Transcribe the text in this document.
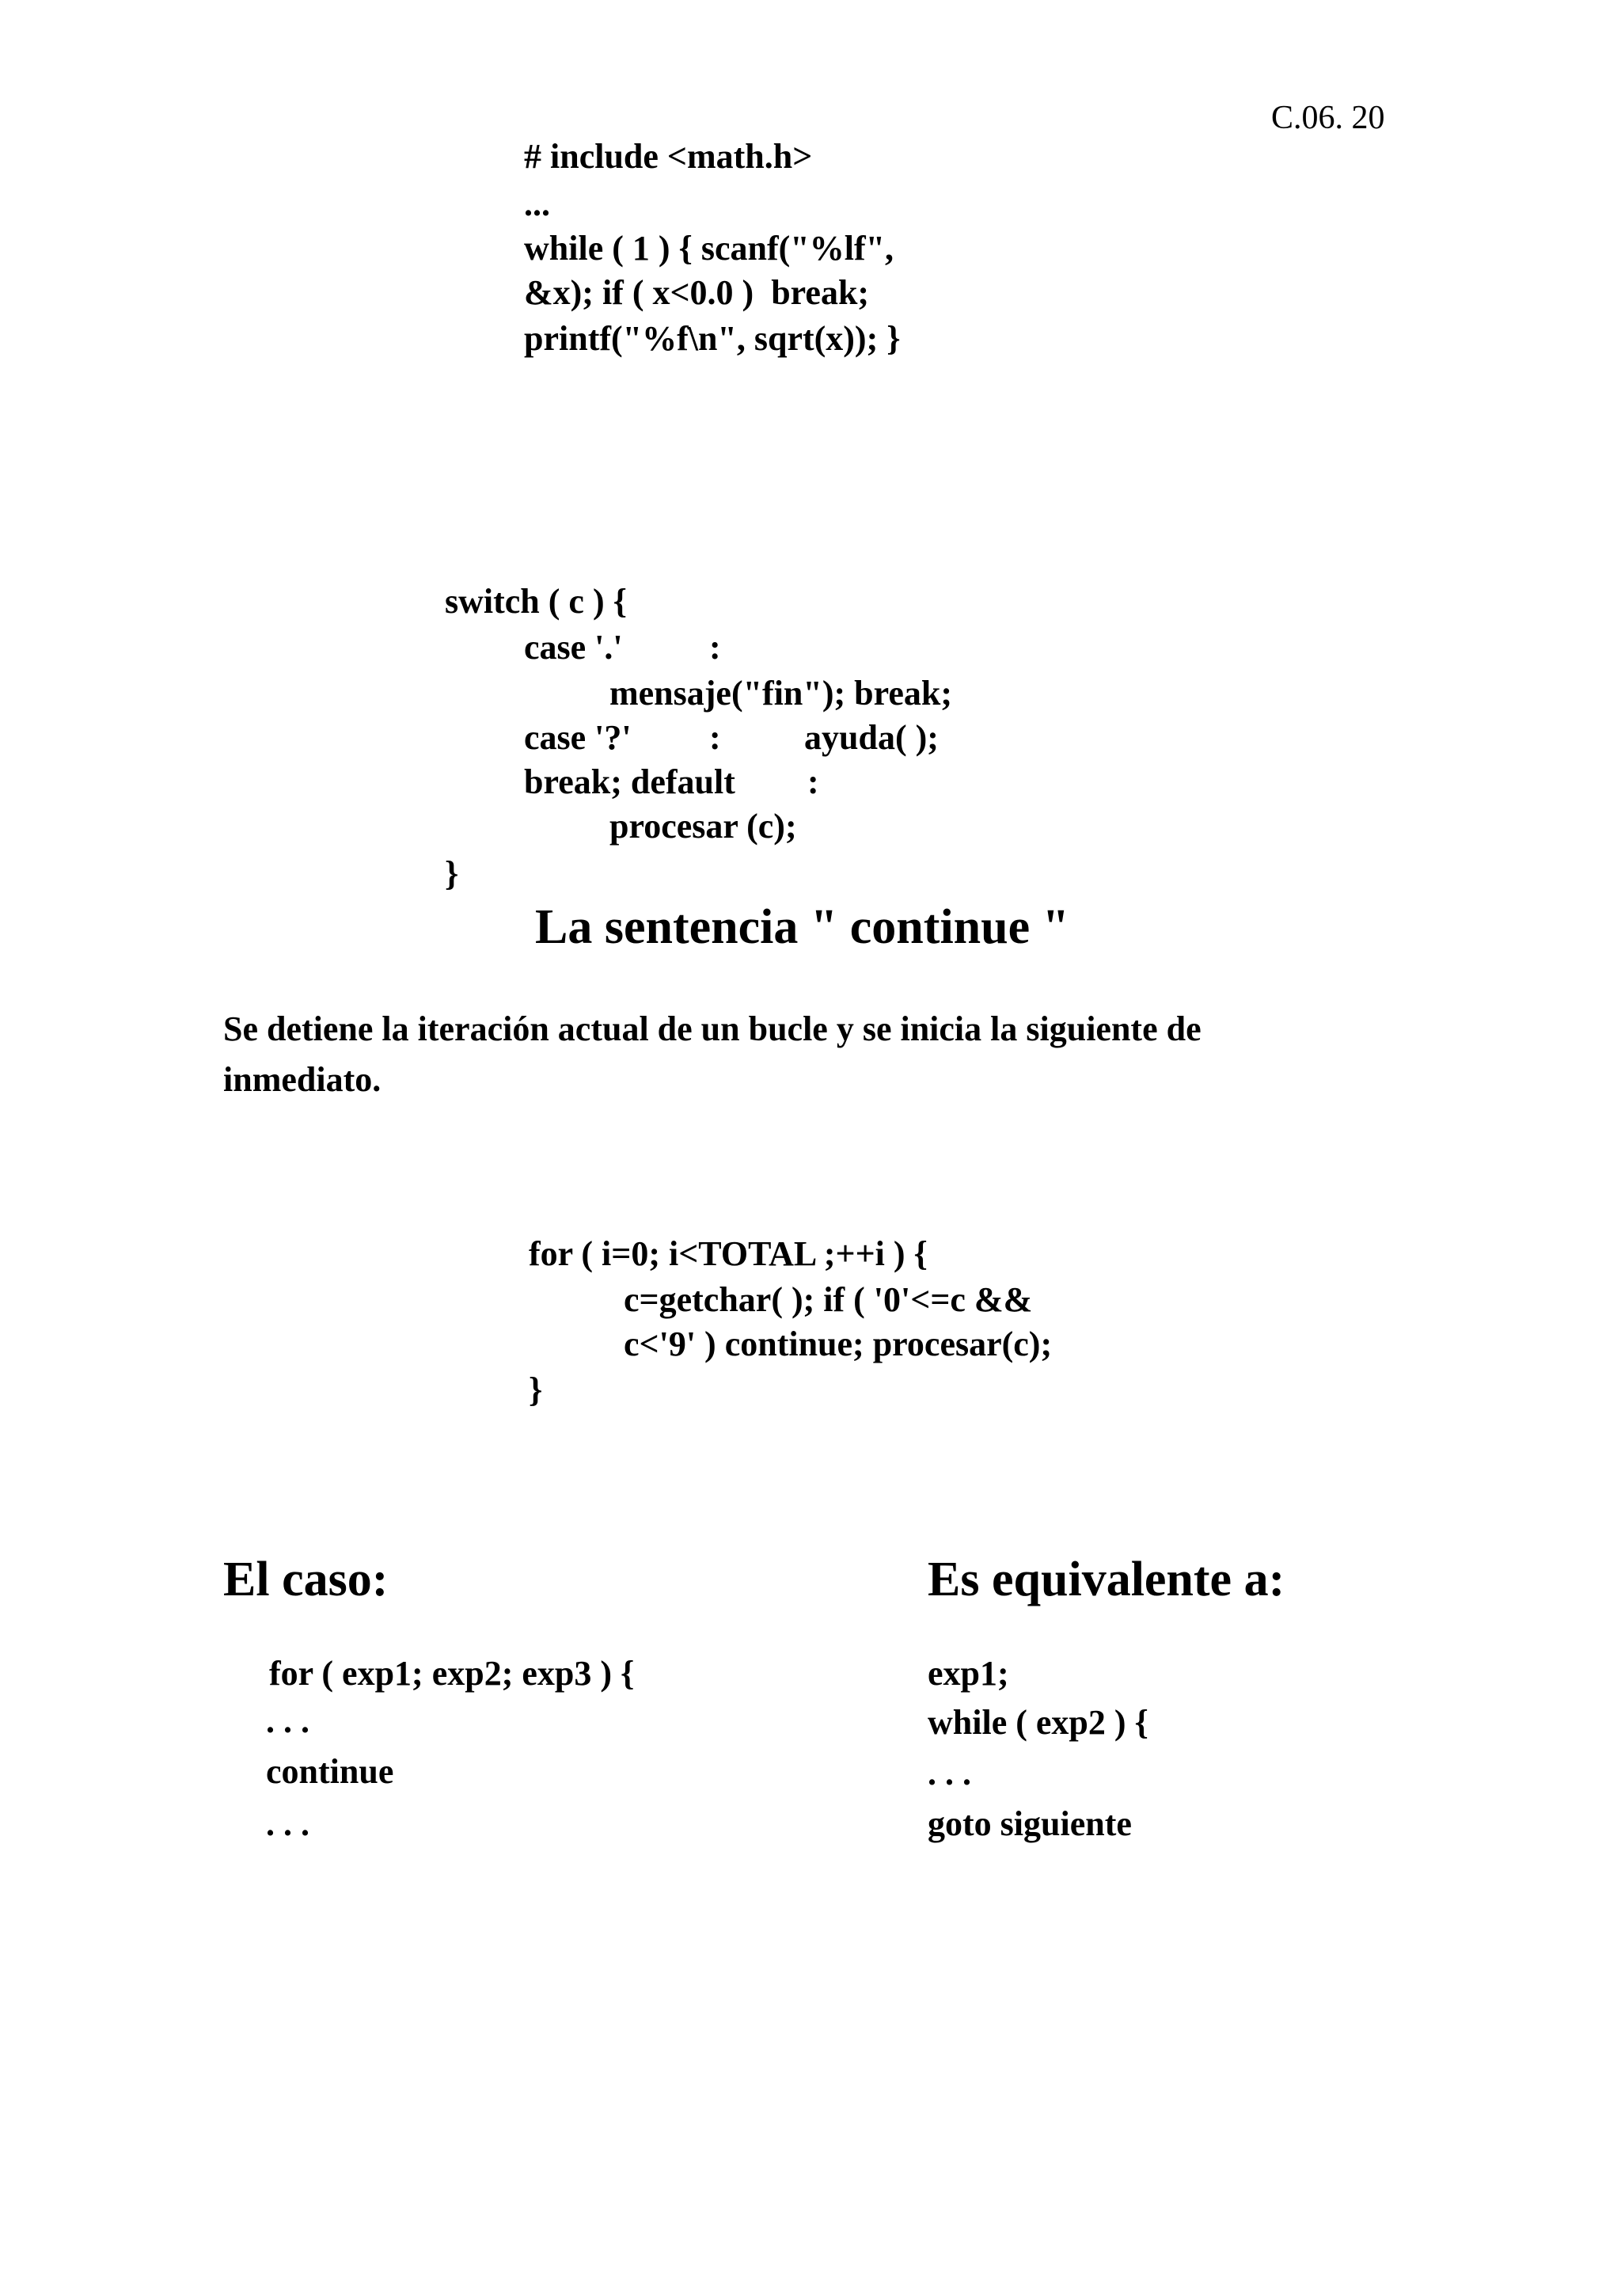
C.06. 20
# include <math.h>
...
while ( 1 ) { scanf("%lf",
&x); if ( x<0.0 )  break;
printf("%f\n", sqrt(x)); }
switch ( c ) {
case '.' :
mensaje("fin"); break;
case '?' : ayuda( );
break; default :
procesar (c);
}
La sentencia " continue "
Se detiene la iteración actual de un bucle y se inicia la siguiente de
inmediato.
for ( i=0; i<TOTAL ;++i ) {
c=getchar( ); if ( '0'<=c &&
c<'9' ) continue; procesar(c);
}
El caso:	Es equivalente a:
for ( exp1; exp2; exp3 ) {
. . .
continue
. . .
exp1;
while ( exp2 ) {
. . .
goto siguiente
